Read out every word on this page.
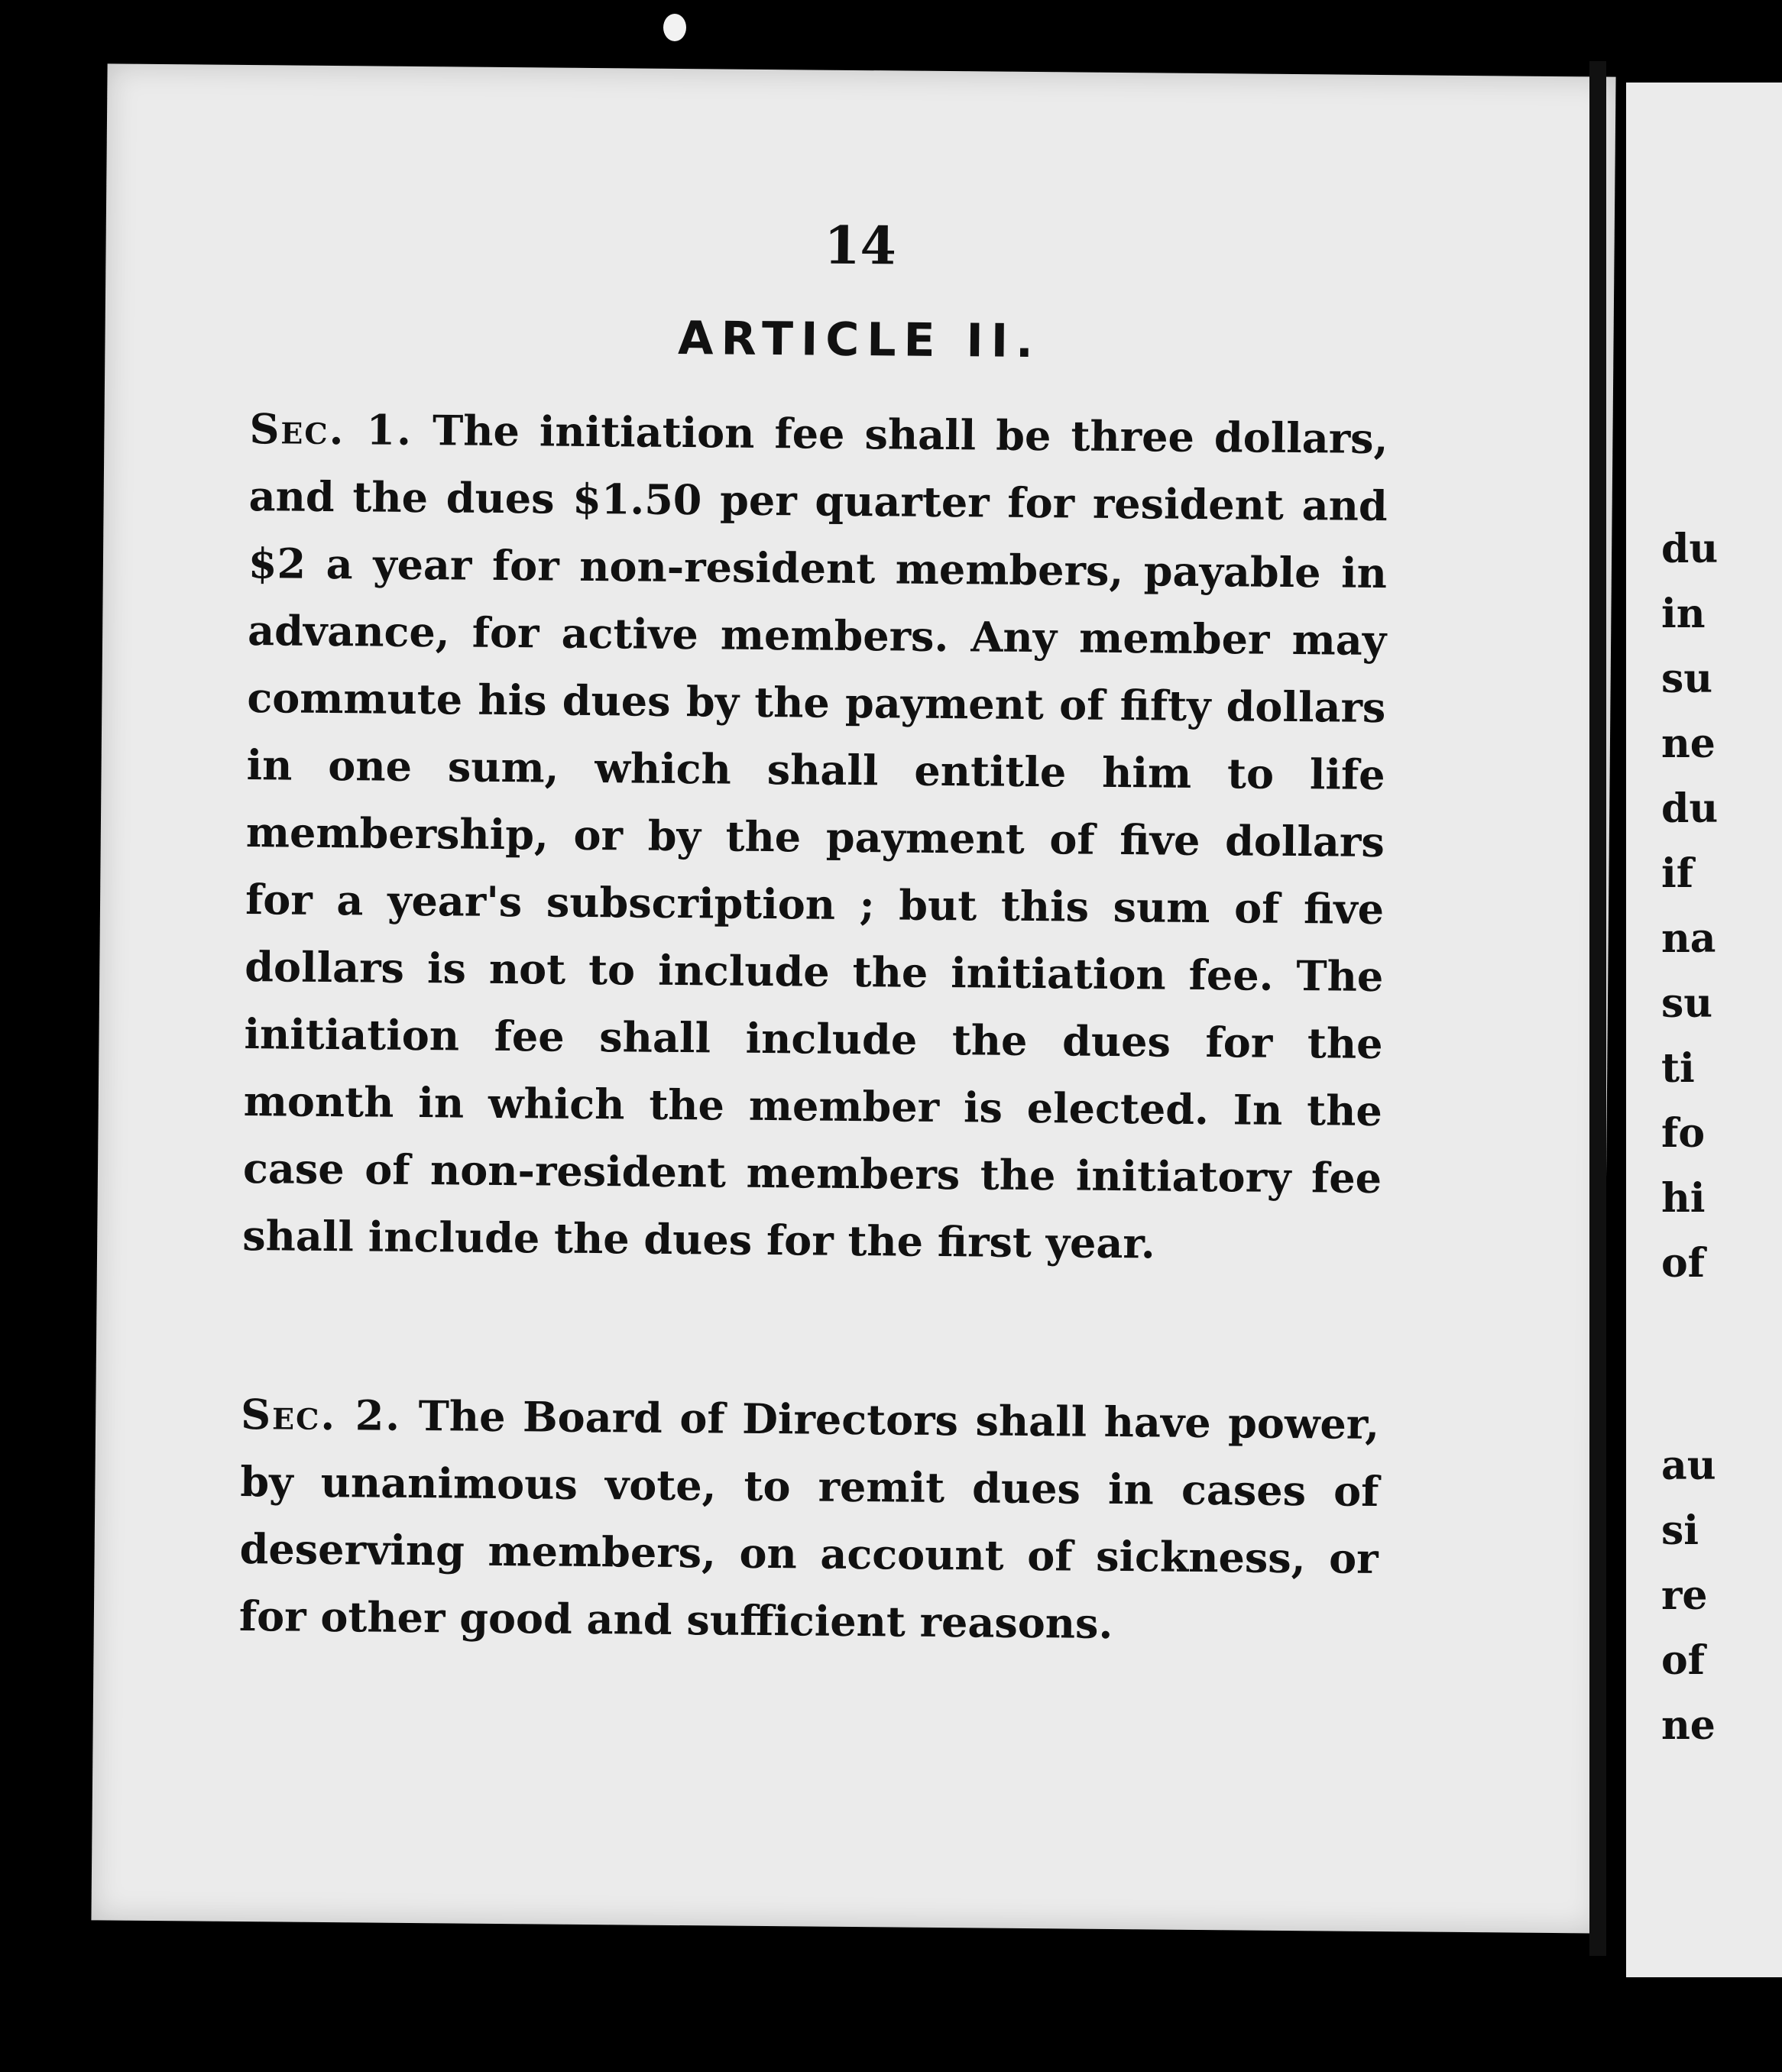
14
ARTICLE II.
Sec. 1. The initiation fee shall be three dollars, and the dues $1.50 per quarter for resident and $2 a year for non-resident members, payable in advance, for active members. Any member may commute his dues by the payment of fifty dollars in one sum, which shall entitle him to life membership, or by the payment of five dollars for a year's subscription ; but this sum of five dollars is not to include the initiation fee. The initiation fee shall include the dues for the month in which the member is elected. In the case of non-resident members the initiatory fee shall include the dues for the first year.
Sec. 2. The Board of Directors shall have power, by unanimous vote, to remit dues in cases of deserving members, on account of sickness, or for other good and sufficient reasons.
du
in
su
ne
du
if
na
su
ti
fo
hi
of
au
si
re
of
ne
